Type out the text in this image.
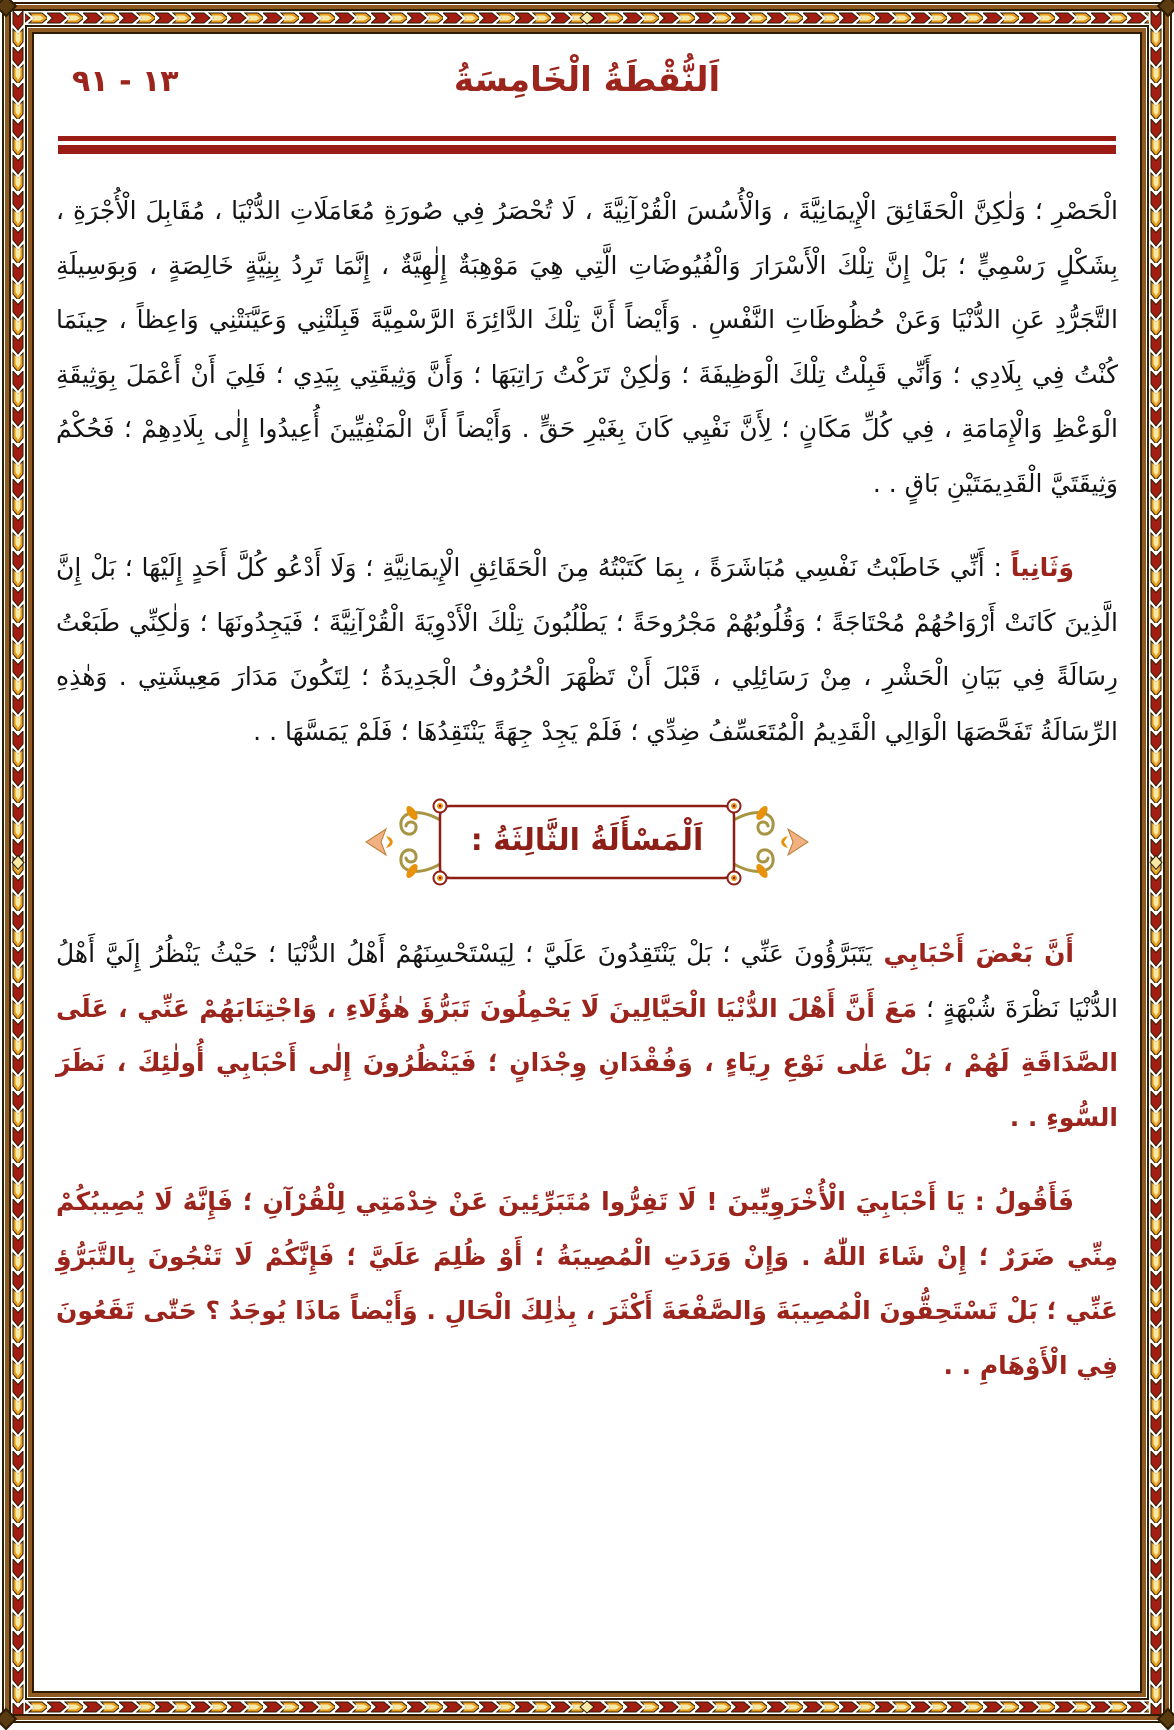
١٣ - ٩١	اَلنُّقْطَةُ الْخَامِسَةُ

الْحَصْرِ ؛ وَلٰكِنَّ الْحَقَائِقَ الْإِيمَانِيَّةَ ، وَالْأُسُسَ الْقُرْآنِيَّةَ ، لَا تُحْصَرُ فِي صُورَةِ مُعَامَلَاتِ الدُّنْيَا ، مُقَابِلَ الْأُجْرَةِ ، بِشَكْلٍ رَسْمِيٍّ ؛ بَلْ إِنَّ تِلْكَ الْأَسْرَارَ وَالْفُيُوضَاتِ الَّتِي هِيَ مَوْهِبَةٌ إِلٰهِيَّةٌ ، إِنَّمَا تَرِدُ بِنِيَّةٍ خَالِصَةٍ ، وَبِوَسِيلَةِ التَّجَرُّدِ عَنِ الدُّنْيَا وَعَنْ حُظُوظَاتِ النَّفْسِ . وَأَيْضاً أَنَّ تِلْكَ الدَّائِرَةَ الرَّسْمِيَّةَ قَبِلَتْنِي وَعَيَّنَتْنِي وَاعِظاً ، حِينَمَا كُنْتُ فِي بِلَادِي ؛ وَأَنِّي قَبِلْتُ تِلْكَ الْوَظِيفَةَ ؛ وَلٰكِنْ تَرَكْتُ رَاتِبَهَا ؛ وَأَنَّ وَثِيقَتِي بِيَدِي ؛ فَلِيَ أَنْ أَعْمَلَ بِوَثِيقَةِ الْوَعْظِ وَالْإِمَامَةِ ، فِي كُلِّ مَكَانٍ ؛ لِأَنَّ نَفْيِي كَانَ بِغَيْرِ حَقٍّ . وَأَيْضاً أَنَّ الْمَنْفِيِّينَ أُعِيدُوا إِلٰى بِلَادِهِمْ ؛ فَحُكْمُ وَثِيقَتَيَّ الْقَدِيمَتَيْنِ بَاقٍ . .

وَثَانِياً : أَنِّي خَاطَبْتُ نَفْسِي مُبَاشَرَةً ، بِمَا كَتَبْتُهُ مِنَ الْحَقَائِقِ الْإِيمَانِيَّةِ ؛ وَلَا أَدْعُو كُلَّ أَحَدٍ إِلَيْهَا ؛ بَلْ إِنَّ الَّذِينَ كَانَتْ أَرْوَاحُهُمْ مُحْتَاجَةً ؛ وَقُلُوبُهُمْ مَجْرُوحَةً ؛ يَطْلُبُونَ تِلْكَ الْأَدْوِيَةَ الْقُرْآنِيَّةَ ؛ فَيَجِدُونَهَا ؛ وَلٰكِنِّي طَبَعْتُ رِسَالَةً فِي بَيَانِ الْحَشْرِ ، مِنْ رَسَائِلِي ، قَبْلَ أَنْ تَظْهَرَ الْحُرُوفُ الْجَدِيدَةُ ؛ لِتَكُونَ مَدَارَ مَعِيشَتِي . وَهٰذِهِ الرِّسَالَةُ تَفَحَّصَهَا الْوَالِي الْقَدِيمُ الْمُتَعَسِّفُ ضِدِّي ؛ فَلَمْ يَجِدْ جِهَةً يَنْتَقِدُهَا ؛ فَلَمْ يَمَسَّهَا . .

اَلْمَسْأَلَةُ الثَّالِثَةُ :

أَنَّ بَعْضَ أَحْبَابِي يَتَبَرَّؤُونَ عَنِّي ؛ بَلْ يَنْتَقِدُونَ عَلَيَّ ؛ لِيَسْتَحْسِنَهُمْ أَهْلُ الدُّنْيَا ؛ حَيْثُ يَنْظُرُ إِلَيَّ أَهْلُ الدُّنْيَا نَظْرَةَ شُبْهَةٍ ؛ مَعَ أَنَّ أَهْلَ الدُّنْيَا الْحَيَّالِينَ لَا يَحْمِلُونَ تَبَرُّؤَ هٰؤُلَاءِ ، وَاجْتِنَابَهُمْ عَنِّي ، عَلَى الصَّدَاقَةِ لَهُمْ ، بَلْ عَلٰى نَوْعِ رِيَاءٍ ، وَفُقْدَانِ وِجْدَانٍ ؛ فَيَنْظُرُونَ إِلٰى أَحْبَابِي أُولٰئِكَ ، نَظَرَ السُّوءِ . .

فَأَقُولُ : يَا أَحْبَابِيَ الْأُخْرَوِيِّينَ ! لَا تَفِرُّوا مُتَبَرِّئِينَ عَنْ خِدْمَتِي لِلْقُرْآنِ ؛ فَإِنَّهُ لَا يُصِيبُكُمْ مِنِّي ضَرَرٌ ؛ إِنْ شَاءَ اللّٰهُ . وَإِنْ وَرَدَتِ الْمُصِيبَةُ ؛ أَوْ ظُلِمَ عَلَيَّ ؛ فَإِنَّكُمْ لَا تَنْجُونَ بِالتَّبَرُّؤِ عَنِّي ؛ بَلْ تَسْتَحِقُّونَ الْمُصِيبَةَ وَالصَّفْعَةَ أَكْثَرَ ، بِذٰلِكَ الْحَالِ . وَأَيْضاً مَاذَا يُوجَدُ ؟ حَتّٰى تَقَعُونَ فِي الْأَوْهَامِ . .
